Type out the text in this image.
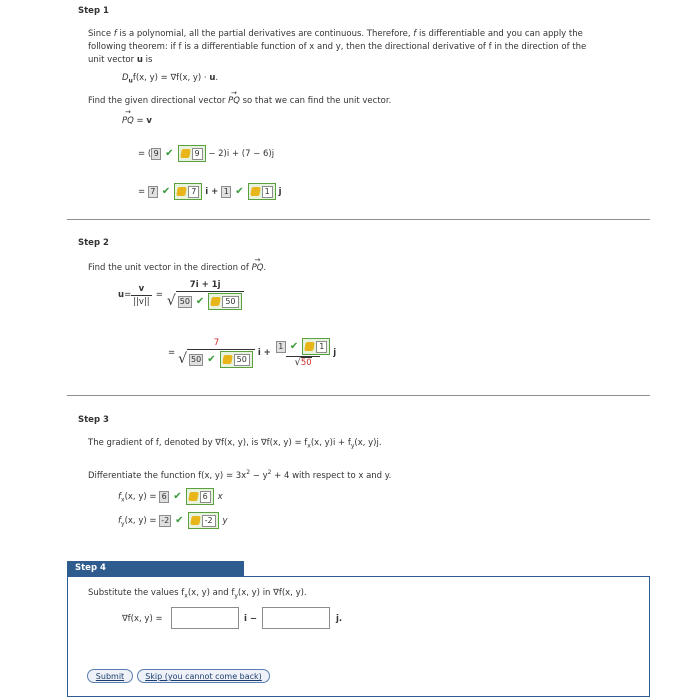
Step 1
Since f is a polynomial, all the partial derivatives are continuous. Therefore, f is differentiable and you can apply the
following theorem: if f is a differentiable function of x and y, then the directional derivative of f in the direction of the
unit vector u is
$D_uf(x$, y) = ∇f(x, y) · u.
Find the given directional vector → PQ so that we can find the unit vector.
→ PQ = v
= ( 9 ✔	9 − 2)i + (7 − 6)j
= 7 ✔	7 i + 1 ✔	1 j
Step 2
Find the unit vector in the direction of → PQ.
$u = \frac{v}{||v||}$ =
7i + 1j
√ 50 ✔	50
=
7
√ 50 ✔	50
i + 1 ✔	1
√ 50 j
Step 3
The gradient of f, denoted by ∇f(x, y), is ∇f(x, $y) = f_x(x$, $y)i + f_y(x$, y)j.
Differentiate the function f(x, $y) = 3x^2 - y^2 + 4$ with respect to x and y.
$f_x(x$, y) = 6 ✔	6	x
$f_y(x$, y) = -2 ✔	-2	y
Step 4
Substitute the values $f_x(x$, y) and $f_y(x$, y) in ∇f(x, y).
∇f(x, y) =	i −	j.
Submit	Skip (you cannot come back)
